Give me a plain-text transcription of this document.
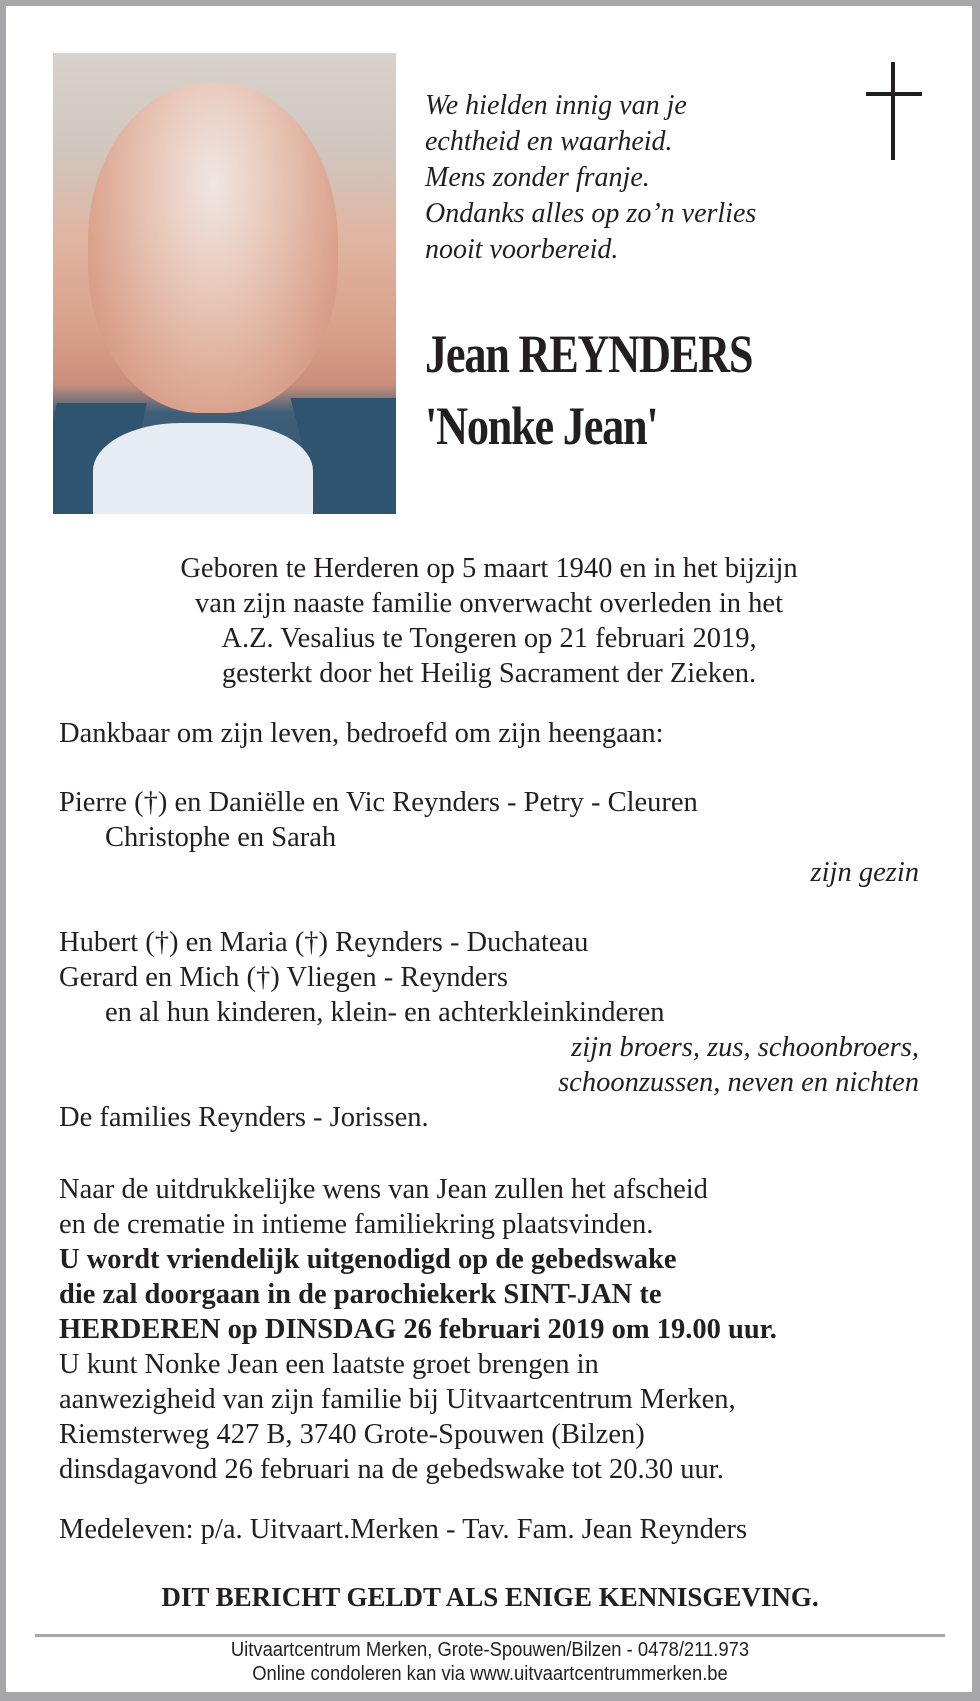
We hielden innig van je
echtheid en waarheid.
Mens zonder franje.
Ondanks alles op zo’n verlies
nooit voorbereid.
Jean REYNDERS
'Nonke Jean'
Geboren te Herderen op 5 maart 1940 en in het bijzijn
van zijn naaste familie onverwacht overleden in het
A.Z. Vesalius te Tongeren op 21 februari 2019,
gesterkt door het Heilig Sacrament der Zieken.
Dankbaar om zijn leven, bedroefd om zijn heengaan:
Pierre (†) en Daniëlle en Vic Reynders - Petry - Cleuren
Christophe en Sarah
zijn gezin
Hubert (†) en Maria (†) Reynders - Duchateau
Gerard en Mich (†) Vliegen - Reynders
en al hun kinderen, klein- en achterkleinkinderen
zijn broers, zus, schoonbroers,
schoonzussen, neven en nichten
De families Reynders - Jorissen.
Naar de uitdrukkelijke wens van Jean zullen het afscheid
en de crematie in intieme familiekring plaatsvinden.
U wordt vriendelijk uitgenodigd op de gebedswake
die zal doorgaan in de parochiekerk SINT-JAN te
HERDEREN op DINSDAG 26 februari 2019 om 19.00 uur.
U kunt Nonke Jean een laatste groet brengen in
aanwezigheid van zijn familie bij Uitvaartcentrum Merken,
Riemsterweg 427 B, 3740 Grote-Spouwen (Bilzen)
dinsdagavond 26 februari na de gebedswake tot 20.30 uur.
Medeleven: p/a. Uitvaart.Merken - Tav. Fam. Jean Reynders
DIT BERICHT GELDT ALS ENIGE KENNISGEVING.
Uitvaartcentrum Merken, Grote-Spouwen/Bilzen - 0478/211.973
Online condoleren kan via www.uitvaartcentrummerken.be
